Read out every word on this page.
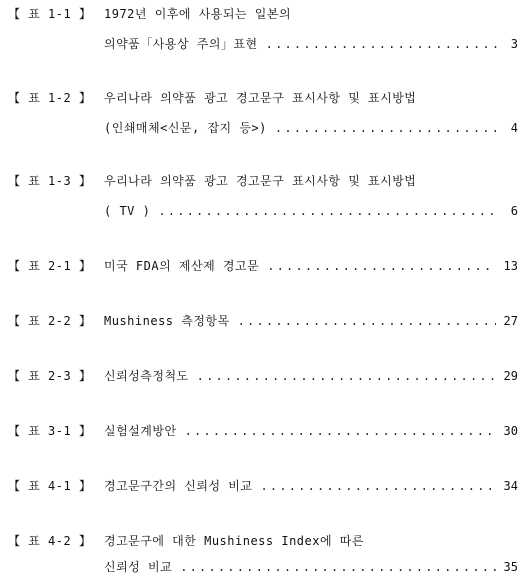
【 표 1-1 】 1972년 이후에 사용되는 일본의
의약품「사용상 주의」표현 .....	3
【 표 1-2 】 우리나라 의약품 광고 경고문구 표시사항 및 표시방법
(인쇄매체<신문, 잡지 등>) .....	4
【 표 1-3 】 우리나라 의약품 광고 경고문구 표시사항 및 표시방법
( TV ) .....	6
【 표 2-1 】 미국 FDA의 제산제 경고문 .....	13
【 표 2-2 】 Mushiness 측정항목 .....	27
【 표 2-3 】 신뢰성측정척도 .....	29
【 표 3-1 】 실험설계방안 .....	30
【 표 4-1 】 경고문구간의 신뢰성 비교 .....	34
【 표 4-2 】 경고문구에 대한 Mushiness Index에 따른
신뢰성 비교 .....	35
